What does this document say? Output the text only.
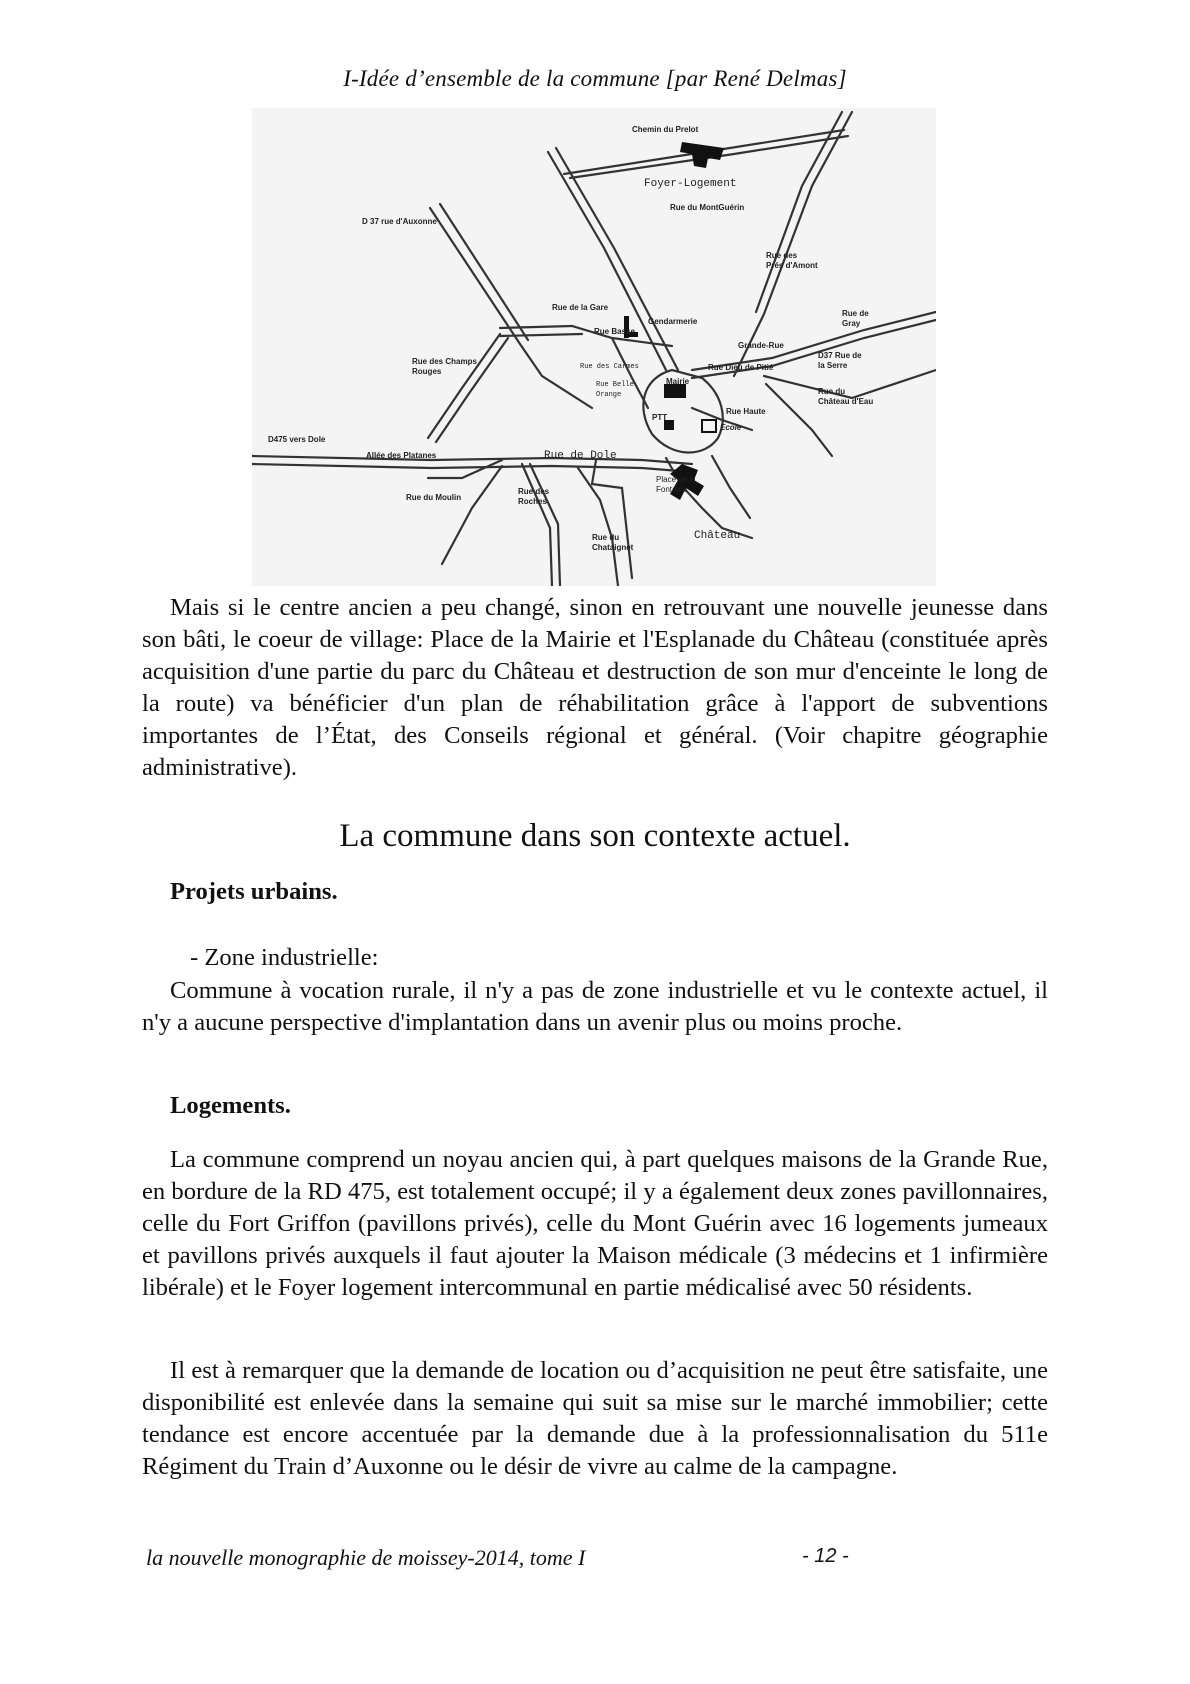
I-Idée d’ensemble de la commune [par René Delmas]
Chemin du Prelot
Foyer-Logement
Rue du MontGuérin
D 37 rue d'Auxonne
Rue des
Prés d'Amont
Rue de
Gray
Rue de la Gare
Gendarmerie
Rue Basse
Grande-Rue
D37 Rue de
la Serre
Rue des Champs
Rouges	Rue des Carmes	Rue Dieu de Pitié
Rue Belle
Orange
Mairie
Rue du
Château d'Eau
D475 vers Dole
Allée des Platanes	Rue de Dole
PTT
Rue Haute
Ecole
Rue du Moulin
Rue des
Roches
Place de la
Fontaine
Rue du
Chataignet
Château

Mais si le centre ancien a peu changé, sinon en retrouvant une nouvelle jeunesse dans son bâti, le coeur de village: Place de la Mairie et l'Esplanade du Château (constituée après acquisition d'une partie du parc du Château et destruction de son mur d'enceinte le long de la route) va bénéficier d'un plan de réhabilitation grâce à l'apport de subventions importantes de l’État, des Conseils régional et général. (Voir chapitre géographie administrative).

La commune dans son contexte actuel.
Projets urbains.

- Zone industrielle:

Commune à vocation rurale, il n'y a pas de zone industrielle et vu le contexte actuel, il n'y a aucune perspective d'implantation dans un avenir plus ou moins proche.

Logements.

La commune comprend un noyau ancien qui, à part quelques maisons de la Grande Rue, en bordure de la RD 475, est totalement occupé; il y a également deux zones pavillonnaires, celle du Fort Griffon (pavillons privés), celle du Mont Guérin avec 16 logements jumeaux et pavillons privés auxquels il faut ajouter la Maison médicale (3 médecins et 1 infirmière libérale) et le Foyer logement intercommunal en partie médicalisé avec 50 résidents.

Il est à remarquer que la demande de location ou d’acquisition ne peut être satisfaite, une disponibilité est enlevée dans la semaine qui suit sa mise sur le marché immobilier; cette tendance est encore accentuée par la demande due à la professionnalisation du 511e Régiment du Train d’Auxonne ou le désir de vivre au calme de la campagne.

la nouvelle monographie de moissey-2014, tome I	- 12 -
